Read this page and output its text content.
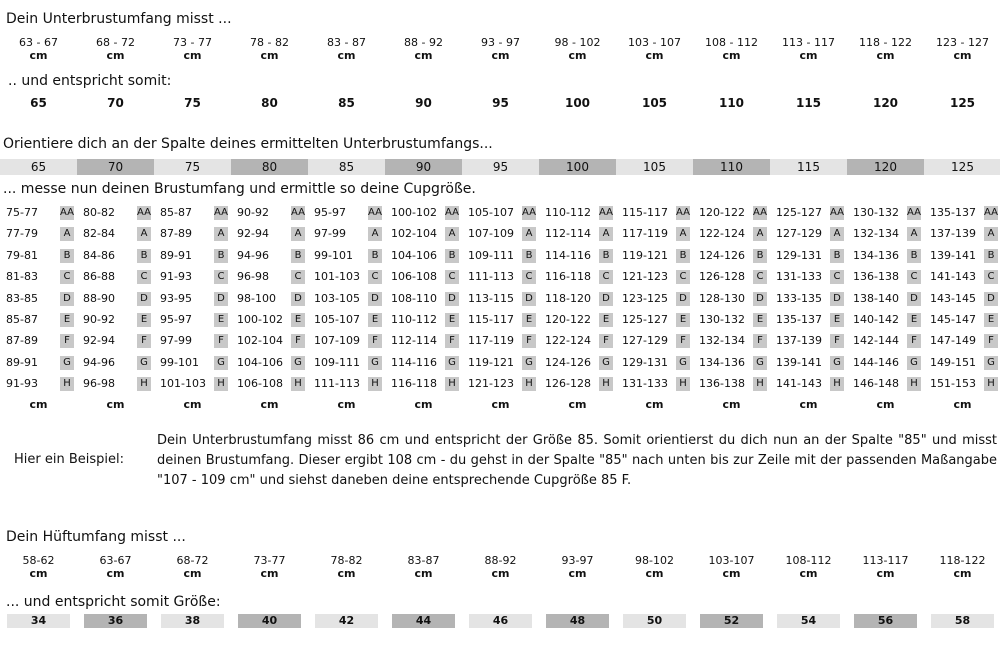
Dein Unterbrustumfang misst ...
63 - 67
cm
68 - 72
cm
73 - 77
cm
78 - 82
cm
83 - 87
cm
88 - 92
cm
93 - 97
cm
98 - 102
cm
103 - 107
cm
108 - 112
cm
113 - 117
cm
118 - 122
cm
123 - 127
cm
.. und entspricht somit:
65	70	75	80	85	90	95	100	105	110	115	120	125
Orientiere dich an der Spalte deines ermittelten Unterbrustumfangs...
65	70	75	80	85	90	95	100	105	110	115	120	125
... messe nun deinen Brustumfang und ermittle so deine Cupgröße.
75-77	AA 80-82	AA 85-87	AA 90-92	AA 95-97	AA 100-102 AA 105-107 AA 110-112 AA 115-117 AA 120-122 AA 125-127 AA 130-132 AA 135-137 AA
77-79	A	82-84	A	87-89	A	92-94	A	97-99	A	102-104	A	107-109	A	112-114	A	117-119	A	122-124	A	127-129	A	132-134	A	137-139	A
79-81	B	84-86	B	89-91	B	94-96	B	99-101	B	104-106	B	109-111	B	114-116	B	119-121	B	124-126	B	129-131	B	134-136	B	139-141	B
81-83	C	86-88	C	91-93	C	96-98	C	101-103	C	106-108	C	111-113	C	116-118	C	121-123	C	126-128	C	131-133	C	136-138	C	141-143	C
83-85	D 88-90	D 93-95	D 98-100	D 103-105	D 108-110	D 113-115	D 118-120	D 123-125	D 128-130	D 133-135	D 138-140	D 143-145	D
85-87	E	90-92	E	95-97	E	100-102	E	105-107	E	110-112	E	115-117	E	120-122	E	125-127	E	130-132	E	135-137	E	140-142	E	145-147	E
87-89	F	92-94	F	97-99	F	102-104	F	107-109	F	112-114	F	117-119	F	122-124	F	127-129	F	132-134	F	137-139	F	142-144	F	147-149	F
89-91	G 94-96	G 99-101	G 104-106	G 109-111	G 114-116	G 119-121	G 124-126	G 129-131	G 134-136	G 139-141	G 144-146	G 149-151	G
91-93	H 96-98	H 101-103	H 106-108	H 111-113	H 116-118	H 121-123	H 126-128	H 131-133	H 136-138	H 141-143	H 146-148	H 151-153	H
cm	cm	cm	cm	cm	cm	cm	cm	cm	cm	cm	cm	cm
Hier ein Beispiel:
Dein Unterbrustumfang misst 86 cm und entspricht der Größe 85. Somit orientierst du dich nun an der Spalte "85" und misst deinen Brustumfang. Dieser ergibt 108 cm - du gehst in der Spalte "85" nach unten bis zur Zeile mit der passenden Maßangabe "107 - 109 cm" und siehst daneben deine entsprechende Cupgröße 85 F.
Dein Hüftumfang misst ...
58-62
cm
63-67
cm
68-72
cm
73-77
cm
78-82
cm
83-87
cm
88-92
cm
93-97
cm
98-102
cm
103-107
cm
108-112
cm
113-117
cm
118-122
cm
... und entspricht somit Größe:
34	36	38	40	42	44	46	48	50	52	54	56	58
